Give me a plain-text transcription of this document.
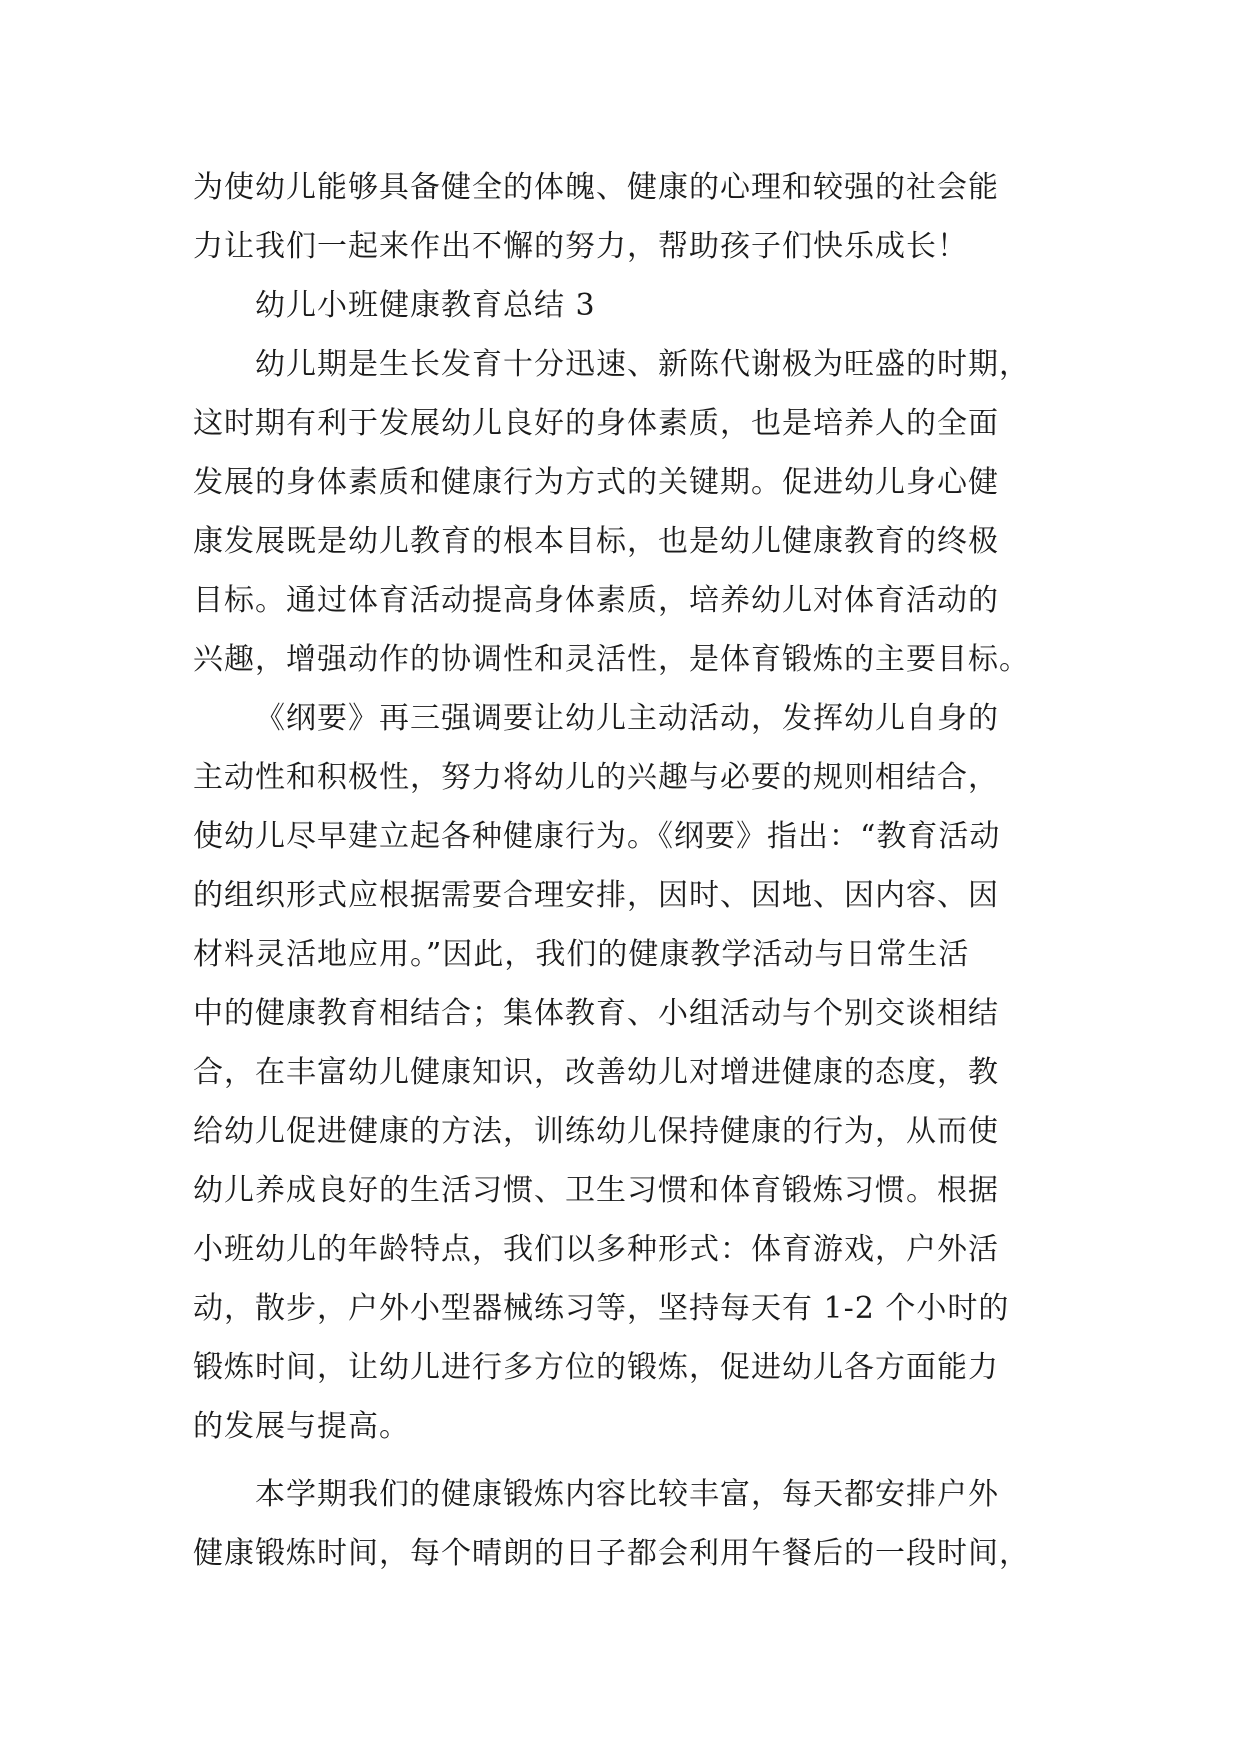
为使幼儿能够具备健全的体魄、健康的心理和较强的社会能
力让我们一起来作出不懈的努力，帮助孩子们快乐成长！
幼儿小班健康教育总结 3
幼儿期是生长发育十分迅速、新陈代谢极为旺盛的时期，
这时期有利于发展幼儿良好的身体素质，也是培养人的全面
发展的身体素质和健康行为方式的关键期。促进幼儿身心健
康发展既是幼儿教育的根本目标，也是幼儿健康教育的终极
目标。通过体育活动提高身体素质，培养幼儿对体育活动的
兴趣，增强动作的协调性和灵活性，是体育锻炼的主要目标。
《纲要》再三强调要让幼儿主动活动，发挥幼儿自身的
主动性和积极性，努力将幼儿的兴趣与必要的规则相结合，
使幼儿尽早建立起各种健康行为。《纲要》指出：“教育活动
的组织形式应根据需要合理安排，因时、因地、因内容、因
材料灵活地应用。”因此，我们的健康教学活动与日常生活
中的健康教育相结合；集体教育、小组活动与个别交谈相结
合，在丰富幼儿健康知识，改善幼儿对增进健康的态度，教
给幼儿促进健康的方法，训练幼儿保持健康的行为，从而使
幼儿养成良好的生活习惯、卫生习惯和体育锻炼习惯。根据
小班幼儿的年龄特点，我们以多种形式：体育游戏，户外活
动，散步，户外小型器械练习等，坚持每天有 1-2 个小时的
锻炼时间，让幼儿进行多方位的锻炼，促进幼儿各方面能力
的发展与提高。
本学期我们的健康锻炼内容比较丰富，每天都安排户外
健康锻炼时间，每个晴朗的日子都会利用午餐后的一段时间，
